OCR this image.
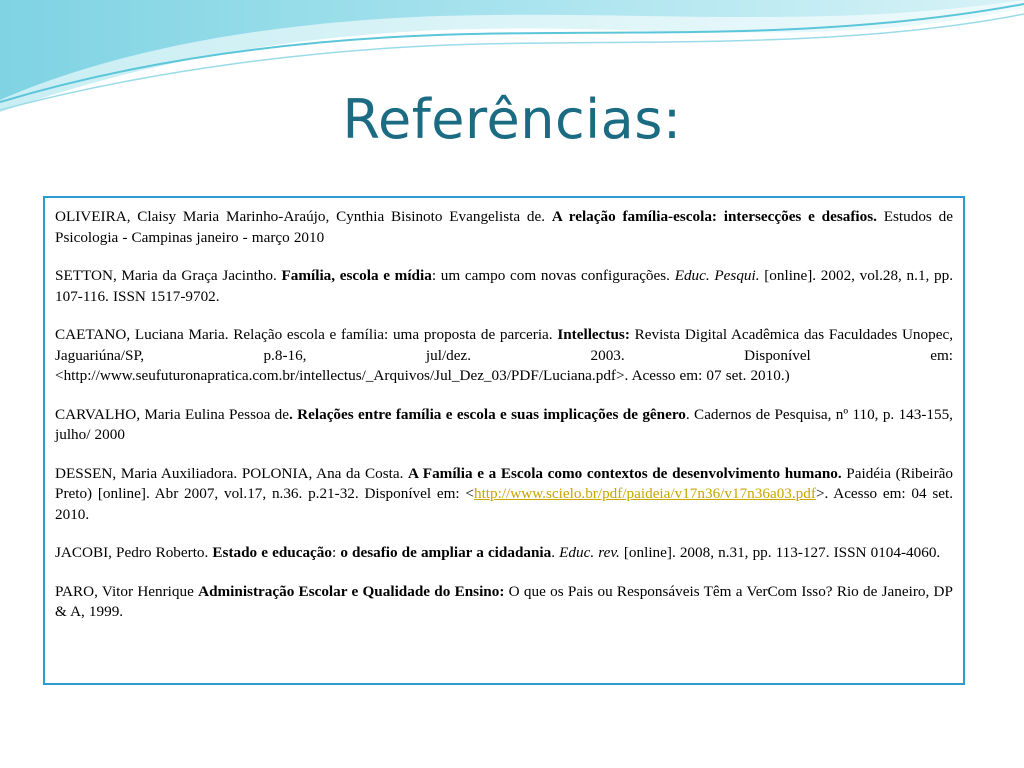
Referências:

OLIVEIRA, Claisy Maria Marinho-Araújo, Cynthia Bisinoto Evangelista de. A relação família-escola: intersecções e desafios. Estudos de Psicologia - Campinas janeiro - março 2010

SETTON, Maria da Graça Jacintho. Família, escola e mídia: um campo com novas configurações. Educ. Pesqui. [online]. 2002, vol.28, n.1, pp. 107-116. ISSN 1517-9702.

CAETANO, Luciana Maria. Relação escola e família: uma proposta de parceria. Intellectus: Revista Digital Acadêmica das Faculdades Unopec, Jaguariúna/SP, p.8-16, jul/dez. 2003. Disponível em: <http://www.seufuturonapratica.com.br/intellectus/_Arquivos/Jul_Dez_03/PDF/Luciana.pdf>. Acesso em: 07 set. 2010.)

CARVALHO, Maria Eulina Pessoa de. Relações entre família e escola e suas implicações de gênero. Cadernos de Pesquisa, nº 110, p. 143-155, julho/ 2000

DESSEN, Maria Auxiliadora. POLONIA, Ana da Costa. A Família e a Escola como contextos de desenvolvimento humano. Paidéia (Ribeirão Preto) [online]. Abr 2007, vol.17, n.36. p.21-32. Disponível em: <http://www.scielo.br/pdf/paideia/v17n36/v17n36a03.pdf>. Acesso em: 04 set. 2010.

JACOBI, Pedro Roberto. Estado e educação: o desafio de ampliar a cidadania. Educ. rev. [online]. 2008, n.31, pp. 113-127. ISSN 0104-4060.

PARO, Vitor Henrique Administração Escolar e Qualidade do Ensino: O que os Pais ou Responsáveis Têm a VerCom Isso? Rio de Janeiro, DP & A, 1999.
